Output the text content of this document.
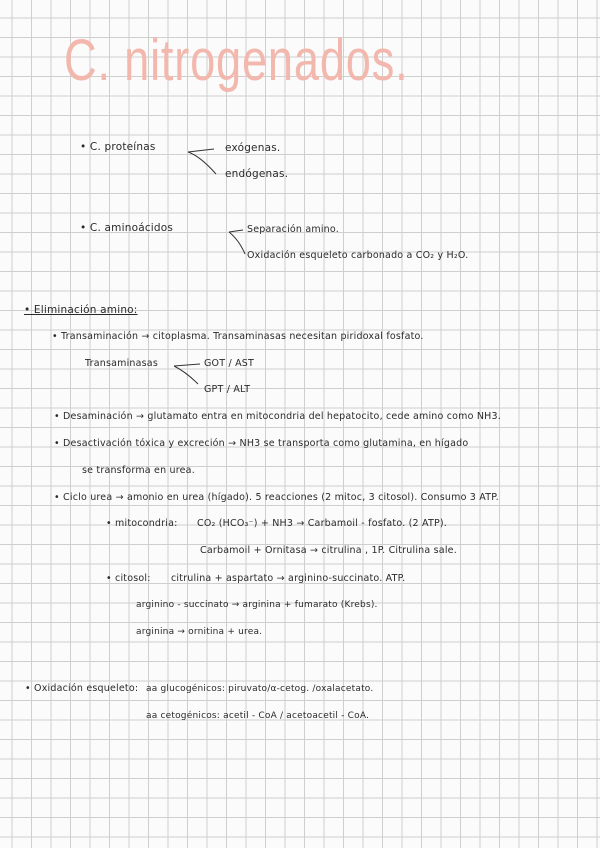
C. nitrogenados.
• C. proteínas	exógenas.
endógenas.
• C. aminoácidos	Separación amino.
Oxidación esqueleto carbonado a CO₂ y H₂O.
• Eliminación amino:
• Transaminación → citoplasma. Transaminasas necesitan piridoxal fosfato.
Transaminasas	GOT / AST
GPT / ALT
• Desaminación → glutamato entra en mitocondria del hepatocito, cede amino como NH3.
• Desactivación tóxica y excreción → NH3 se transporta como glutamina, en hígado
se transforma en urea.
• Ciclo urea → amonio en urea (hígado). 5 reacciones (2 mitoc, 3 citosol). Consumo 3 ATP.
• mitocondria: CO₂ (HCO₃⁻) + NH3 → Carbamoil - fosfato. (2 ATP).
Carbamoil + Ornitasa → citrulina , 1P. Citrulina sale.
• citosol: citrulina + aspartato → arginino-succinato. ATP.
arginino - succinato → arginina + fumarato (Krebs).
arginina → ornitina + urea.
• Oxidación esqueleto: aa glucogénicos: piruvato/α-cetog. /oxalacetato.
aa cetogénicos: acetil - CoA / acetoacetil - CoA.
